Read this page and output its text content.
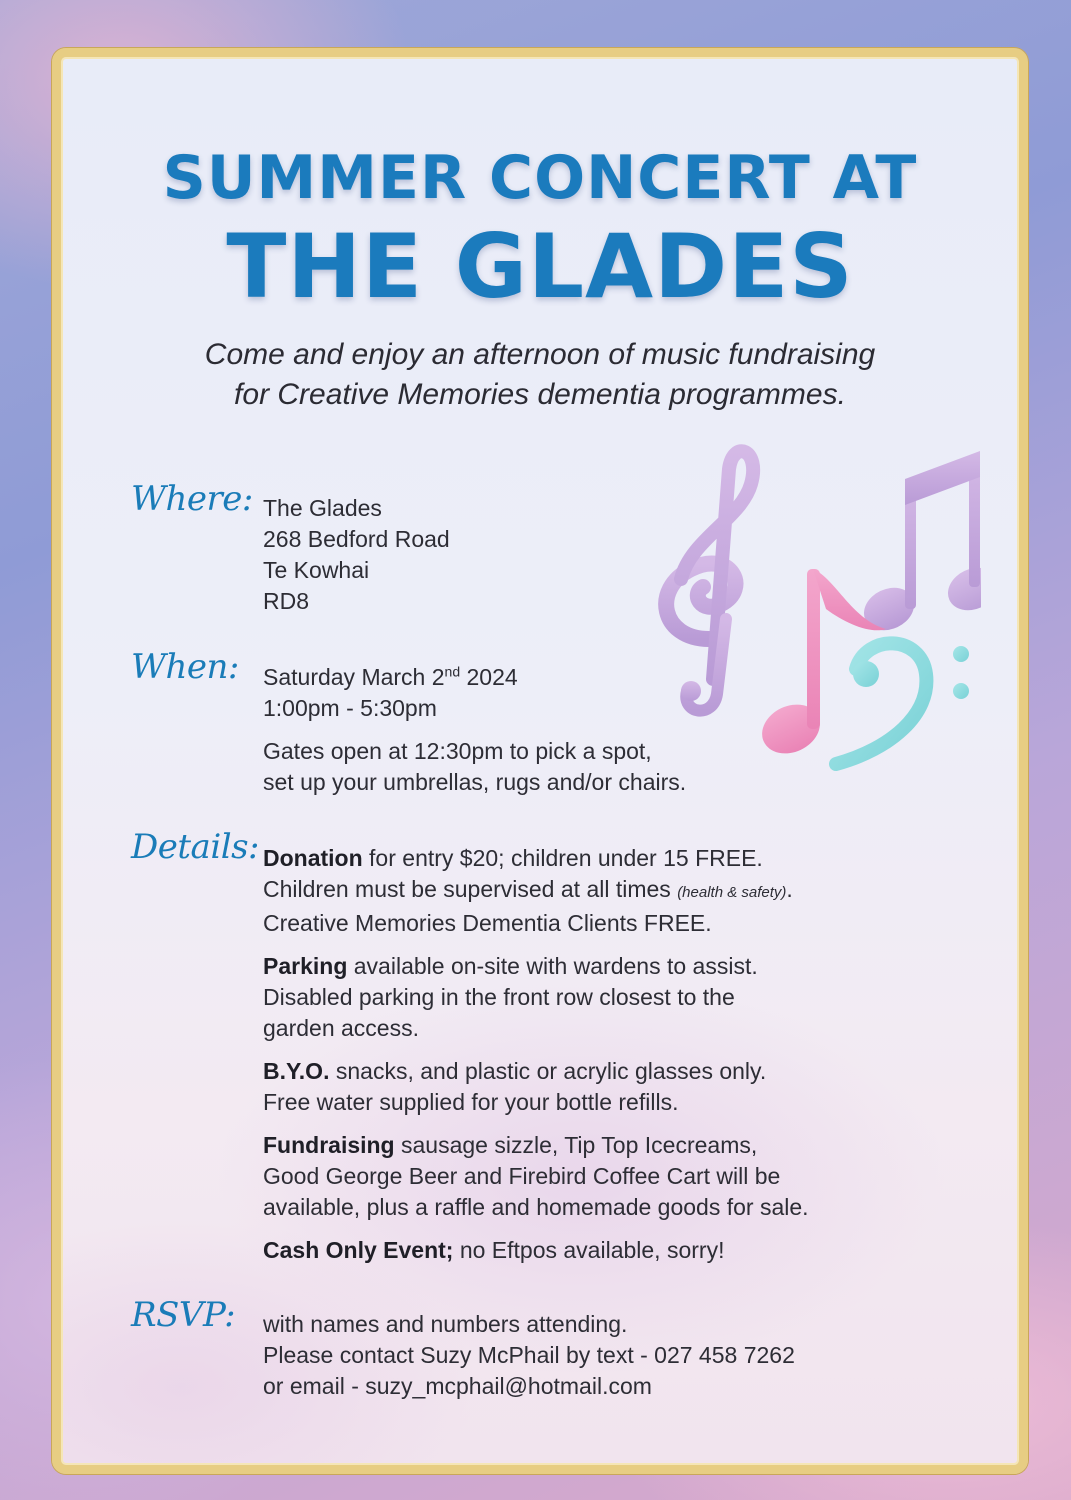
SUMMER CONCERT AT
THE GLADES
Come and enjoy an afternoon of music fundraising
for Creative Memories dementia programmes.
Where: The Glades

268 Bedford Road

Te Kowhai

RD8

When:	Saturday March 2nd 2024

1:00pm - 5:30pm

Gates open at 12:30pm to pick a spot,

set up your umbrellas, rugs and/or chairs.

Details: Donation for entry $20; children under 15 FREE.

Children must be supervised at all times (health & safety).

Creative Memories Dementia Clients FREE.

Parking available on-site with wardens to assist.

Disabled parking in the front row closest to the

garden access.

B.Y.O. snacks, and plastic or acrylic glasses only.

Free water supplied for your bottle refills.

Fundraising sausage sizzle, Tip Top Icecreams,

Good George Beer and Firebird Coffee Cart will be

available, plus a raffle and homemade goods for sale.

Cash Only Event; no Eftpos available, sorry!

RSVP:	with names and numbers attending.

Please contact Suzy McPhail by text - 027 458 7262

or email - suzy_mcphail@hotmail.com
